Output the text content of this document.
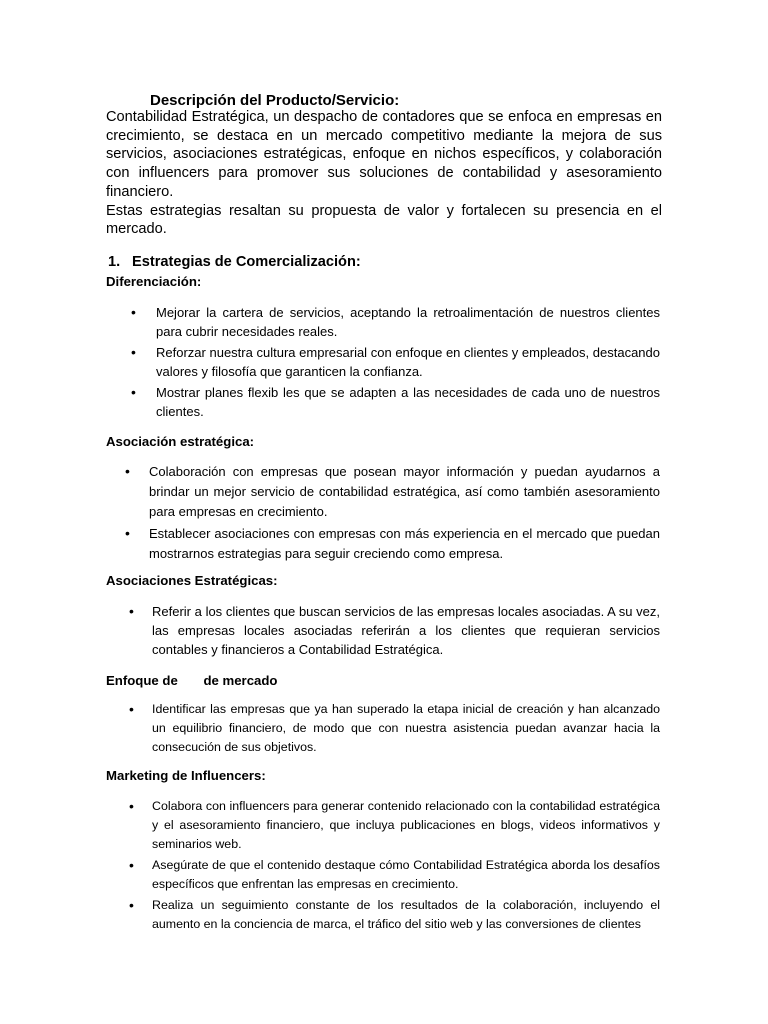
Descripción del Producto/Servicio:

Contabilidad Estratégica, un despacho de contadores que se enfoca en empresas en crecimiento, se destaca en un mercado competitivo mediante la mejora de sus servicios, asociaciones estratégicas, enfoque en nichos específicos, y colaboración con influencers para promover sus soluciones de contabilidad y asesoramiento financiero.

Estas estrategias resaltan su propuesta de valor y fortalecen su presencia en el mercado.

1. Estrategias de Comercialización:
Diferenciación:
• Mejorar la cartera de servicios, aceptando la retroalimentación de nuestros clientes para cubrir necesidades reales.
• Reforzar nuestra cultura empresarial con enfoque en clientes y empleados, destacando valores y filosofía que garanticen la confianza.
• Mostrar planes flexib les que se adapten a las necesidades de cada uno de nuestros clientes.
Asociación estratégica:
• Colaboración con empresas que posean mayor información y puedan ayudarnos a brindar un mejor servicio de contabilidad estratégica, así como también asesoramiento para empresas en crecimiento.
• Establecer asociaciones con empresas con más experiencia en el mercado que puedan mostrarnos estrategias para seguir creciendo como empresa.
Asociaciones Estratégicas:
• Referir a los clientes que buscan servicios de las empresas locales asociadas. A su vez, las empresas locales asociadas referirán a los clientes que requieran servicios contables y financieros a Contabilidad Estratégica.
Enfoque de       de mercado
• Identificar las empresas que ya han superado la etapa inicial de creación y han alcanzado un equilibrio financiero, de modo que con nuestra asistencia puedan avanzar hacia la consecución de sus objetivos.
Marketing de Influencers:
• Colabora con influencers para generar contenido relacionado con la contabilidad estratégica y el asesoramiento financiero, que incluya publicaciones en blogs, videos informativos y seminarios web.
• Asegúrate de que el contenido destaque cómo Contabilidad Estratégica aborda los desafíos específicos que enfrentan las empresas en crecimiento.
• Realiza un seguimiento constante de los resultados de la colaboración, incluyendo el aumento en la conciencia de marca, el tráfico del sitio web y las conversiones de clientes
